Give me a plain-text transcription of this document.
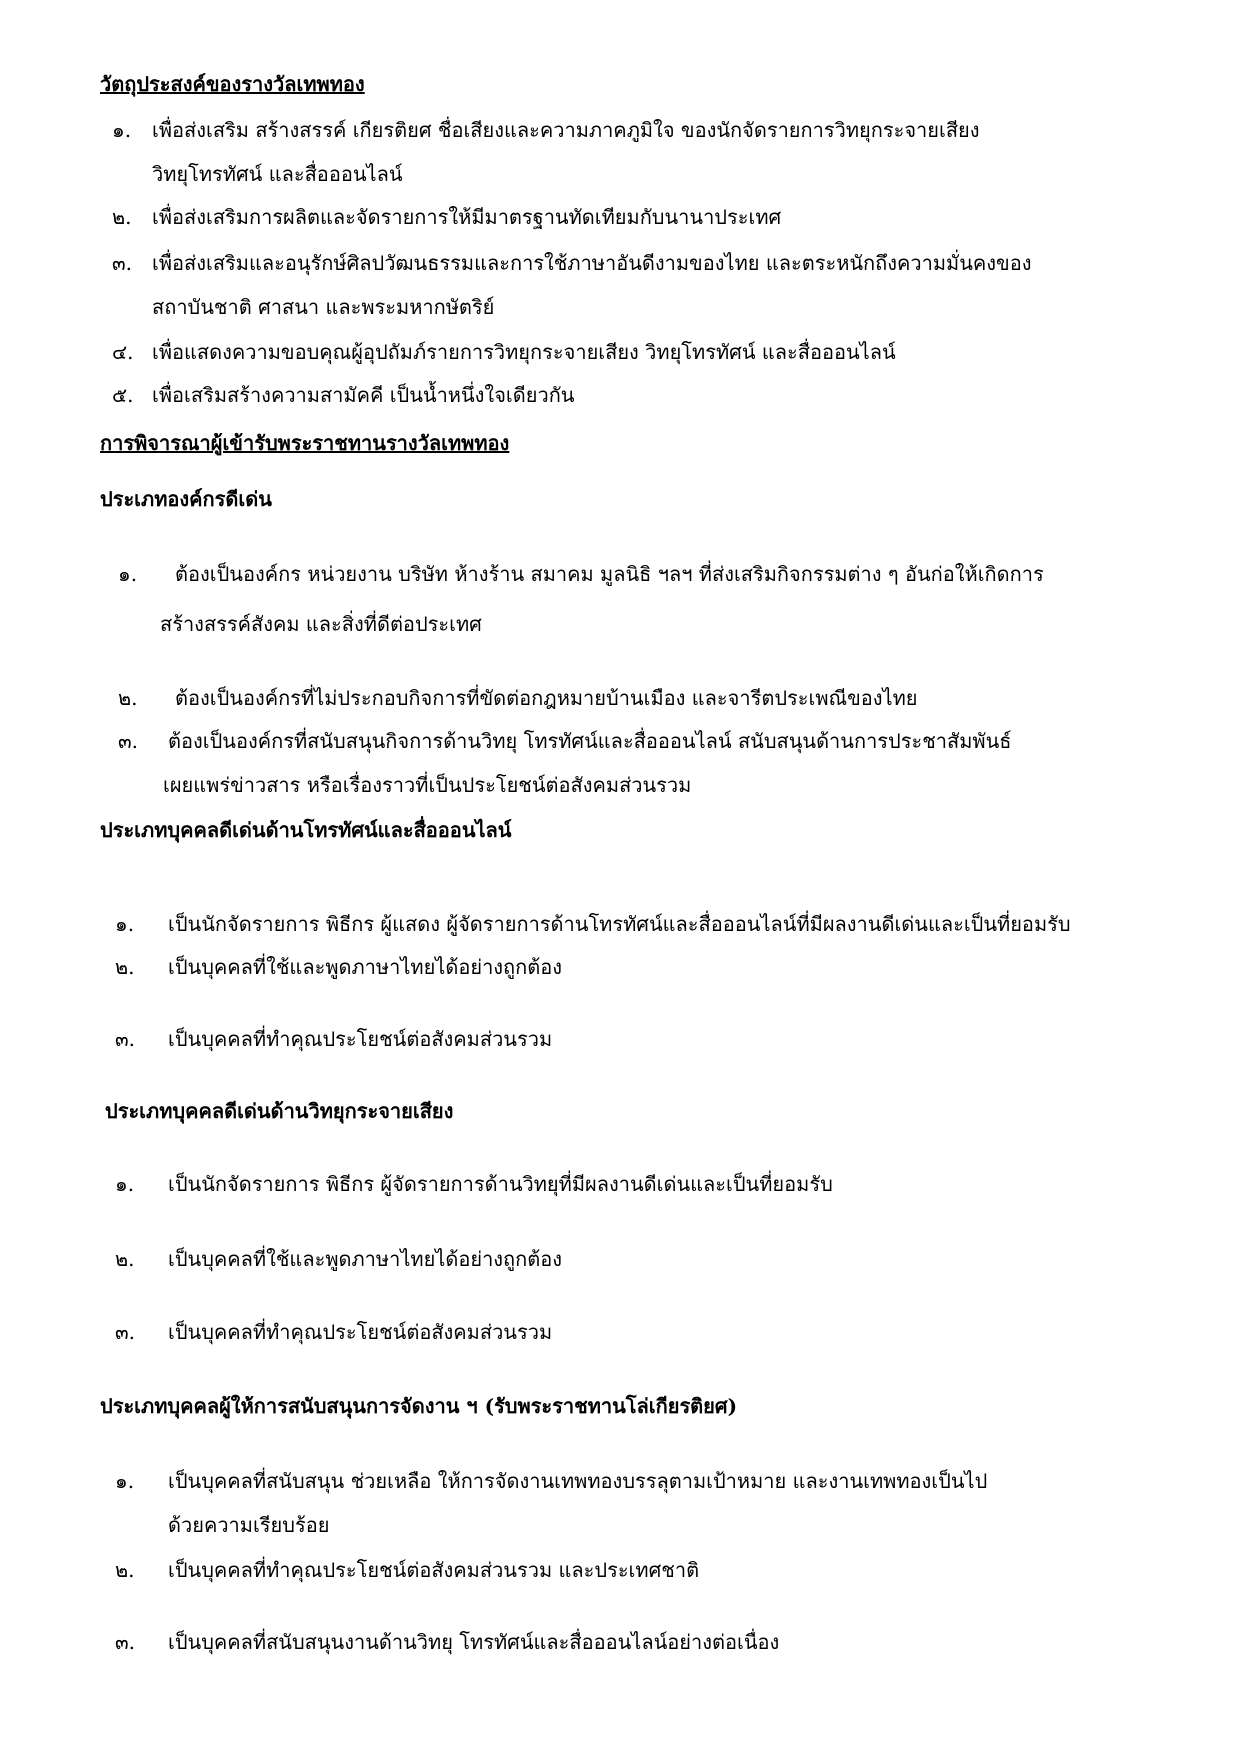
วัตถุประสงค์ของรางวัลเทพทอง
๑. เพื่อส่งเสริม สร้างสรรค์ เกียรติยศ ชื่อเสียงและความภาคภูมิใจ ของนักจัดรายการวิทยุกระจายเสียง
วิทยุโทรทัศน์ และสื่อออนไลน์
๒. เพื่อส่งเสริมการผลิตและจัดรายการให้มีมาตรฐานทัดเทียมกับนานาประเทศ
๓. เพื่อส่งเสริมและอนุรักษ์ศิลปวัฒนธรรมและการใช้ภาษาอันดีงามของไทย และตระหนักถึงความมั่นคงของ
สถาบันชาติ ศาสนา และพระมหากษัตริย์
๔. เพื่อแสดงความขอบคุณผู้อุปถัมภ์รายการวิทยุกระจายเสียง วิทยุโทรทัศน์ และสื่อออนไลน์
๕. เพื่อเสริมสร้างความสามัคคี เป็นน้ำหนึ่งใจเดียวกัน
การพิจารณาผู้เข้ารับพระราชทานรางวัลเทพทอง
ประเภทองค์กรดีเด่น
๑. ต้องเป็นองค์กร หน่วยงาน บริษัท ห้างร้าน สมาคม มูลนิธิ ฯลฯ ที่ส่งเสริมกิจกรรมต่าง ๆ อันก่อให้เกิดการ
สร้างสรรค์สังคม และสิ่งที่ดีต่อประเทศ
๒. ต้องเป็นองค์กรที่ไม่ประกอบกิจการที่ขัดต่อกฎหมายบ้านเมือง และจารีตประเพณีของไทย
๓. ต้องเป็นองค์กรที่สนับสนุนกิจการด้านวิทยุ โทรทัศน์และสื่อออนไลน์ สนับสนุนด้านการประชาสัมพันธ์
เผยแพร่ข่าวสาร หรือเรื่องราวที่เป็นประโยชน์ต่อสังคมส่วนรวม
ประเภทบุคคลดีเด่นด้านโทรทัศน์และสื่อออนไลน์
๑. เป็นนักจัดรายการ พิธีกร ผู้แสดง ผู้จัดรายการด้านโทรทัศน์และสื่อออนไลน์ที่มีผลงานดีเด่นและเป็นที่ยอมรับ
๒. เป็นบุคคลที่ใช้และพูดภาษาไทยได้อย่างถูกต้อง
๓. เป็นบุคคลที่ทำคุณประโยชน์ต่อสังคมส่วนรวม
ประเภทบุคคลดีเด่นด้านวิทยุกระจายเสียง
๑. เป็นนักจัดรายการ พิธีกร ผู้จัดรายการด้านวิทยุที่มีผลงานดีเด่นและเป็นที่ยอมรับ
๒. เป็นบุคคลที่ใช้และพูดภาษาไทยได้อย่างถูกต้อง
๓. เป็นบุคคลที่ทำคุณประโยชน์ต่อสังคมส่วนรวม
ประเภทบุคคลผู้ให้การสนับสนุนการจัดงาน ฯ (รับพระราชทานโล่เกียรติยศ)
๑. เป็นบุคคลที่สนับสนุน ช่วยเหลือ ให้การจัดงานเทพทองบรรลุตามเป้าหมาย และงานเทพทองเป็นไป
ด้วยความเรียบร้อย
๒. เป็นบุคคลที่ทำคุณประโยชน์ต่อสังคมส่วนรวม และประเทศชาติ
๓. เป็นบุคคลที่สนับสนุนงานด้านวิทยุ โทรทัศน์และสื่อออนไลน์อย่างต่อเนื่อง
